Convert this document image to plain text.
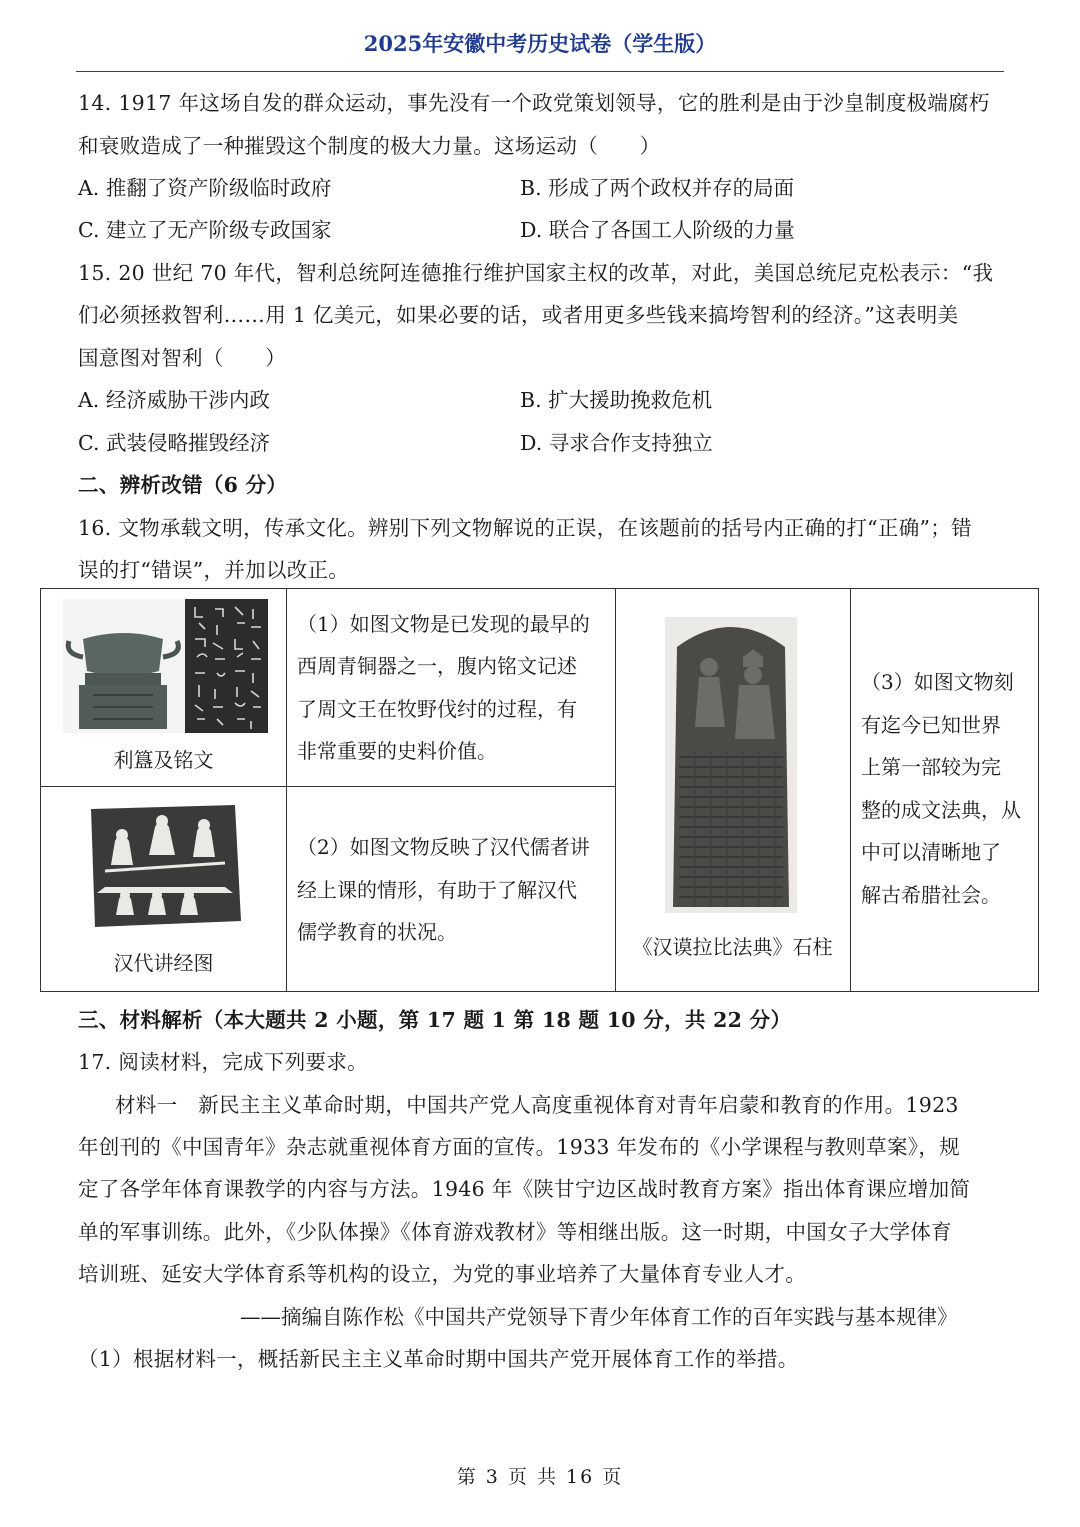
2025年安徽中考历史试卷（学生版）
14. 1917 年这场自发的群众运动，事先没有一个政党策划领导，它的胜利是由于沙皇制度极端腐朽
和衰败造成了一种摧毁这个制度的极大力量。这场运动（　　）
A. 推翻了资产阶级临时政府	B. 形成了两个政权并存的局面
C. 建立了无产阶级专政国家	D. 联合了各国工人阶级的力量
15. 20 世纪 70 年代，智利总统阿连德推行维护国家主权的改革，对此，美国总统尼克松表示：“我
们必须拯救智利……用 1 亿美元，如果必要的话，或者用更多些钱来搞垮智利的经济。”这表明美
国意图对智利（　　）
A. 经济威胁干涉内政	B. 扩大援助挽救危机
C. 武装侵略摧毁经济	D. 寻求合作支持独立
二、辨析改错（6 分）
16. 文物承载文明，传承文化。辨别下列文物解说的正误，在该题前的括号内正确的打“正确”；错
误的打“错误”，并加以改正。
利簋及铭文
（1）如图文物是已发现的最早的
西周青铜器之一，腹内铭文记述
了周文王在牧野伐纣的过程，有
非常重要的史料价值。
汉代讲经图
（2）如图文物反映了汉代儒者讲
经上课的情形，有助于了解汉代
儒学教育的状况。
《汉谟拉比法典》石柱
（3）如图文物刻
有迄今已知世界
上第一部较为完
整的成文法典，从
中可以清晰地了
解古希腊社会。
三、材料解析（本大题共 2 小题，第 17 题 1 第 18 题 10 分，共 22 分）
17. 阅读材料，完成下列要求。
材料一　新民主主义革命时期，中国共产党人高度重视体育对青年启蒙和教育的作用。1923
年创刊的《中国青年》杂志就重视体育方面的宣传。1933 年发布的《小学课程与教则草案》，规
定了各学年体育课教学的内容与方法。1946 年《陕甘宁边区战时教育方案》指出体育课应增加简
单的军事训练。此外，《少队体操》《体育游戏教材》等相继出版。这一时期，中国女子大学体育
培训班、延安大学体育系等机构的设立，为党的事业培养了大量体育专业人才。
——摘编自陈作松《中国共产党领导下青少年体育工作的百年实践与基本规律》
（1）根据材料一，概括新民主主义革命时期中国共产党开展体育工作的举措。
第 3 页 共 16 页
